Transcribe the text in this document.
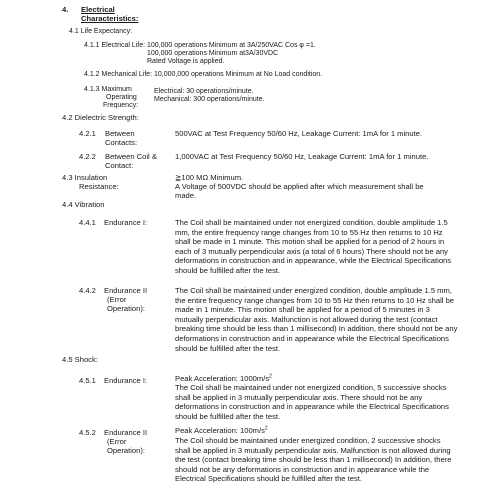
4. Electrical
Characteristics:
4.1 Life Expectancy:
4.1.1 Electrical Life: 100,000 operations Minimum at 3A/250VAC Cos φ =1.
100,000 operations Minimum at3A/30VDC
Rated Voltage is applied.
4.1.2 Mechanical Life: 10,000,000 operations Minimum at No Load condition.
4.1.3 Maximum
Operating
Frequency:
Electrical: 30 operations/minute.
Mechanical: 300 operations/minute.
4.2 Dielectric Strength:
4.2.1 Between
Contacts:
500VAC at Test Frequency 50/60 Hz, Leakage Current: 1mA for 1 minute.
4.2.2 Between Coil &
Contact:
1,000VAC at Test Frequency 50/60 Hz, Leakage Current: 1mA for 1 minute.
4.3 Insulation
Resistance:
≧100 MΩ Minimum.
A Voltage of 500VDC should be applied after which measurement shall be
made.
4.4 Vibration
4.4.1 Endurance I:	The Coil shall be maintained under not energized condition, double amplitude 1.5 mm, the entire frequency range changes from 10 to 55 Hz then returns to 10 Hz shall be made in 1 minute. This motion shall be applied for a period of 2 hours in each of 3 mutually perpendicular axis (a total of 6 hours) There should not be any deformations in construction and in appearance, while the Electrical Specifications should be fulfilled after the test.
4.4.2 Endurance II
(Error
Operation):
The Coil shall be maintained under energized condition, double amplitude 1.5 mm, the entire frequency range changes from 10 to 55 Hz then returns to 10 Hz shall be made in 1 minute. This motion shall be applied for a period of 5 minutes in 3 mutually perpendicular axis. Malfunction is not allowed during the test (contact breaking time should be less than 1 millisecond) In addition, there should not be any deformations in construction and in appearance while the Electrical Specifications should be fulfilled after the test.
4.5 Shock:
4.5.1 Endurance I:	Peak Acceleration: $1000m/s^2$
The Coil shall be maintained under not energized condition, 5 successive shocks shall be applied in 3 mutually perpendicular axis. There should not be any deformations in construction and in appearance while the Electrical Specifications should be fulfilled after the test.
4.5.2 Endurance II
(Error
Operation):
Peak Acceleration: $100m/s^2$
The Coil should be maintained under energized condition, 2 successive shocks shall be applied in 3 mutually perpendicular axis. Malfunction is not allowed during the test (contact breaking time should be less than 1 millisecond) In addition, there should not be any deformations in construction and in appearance while the Electrical Specifications should be fulfilled after the test.
